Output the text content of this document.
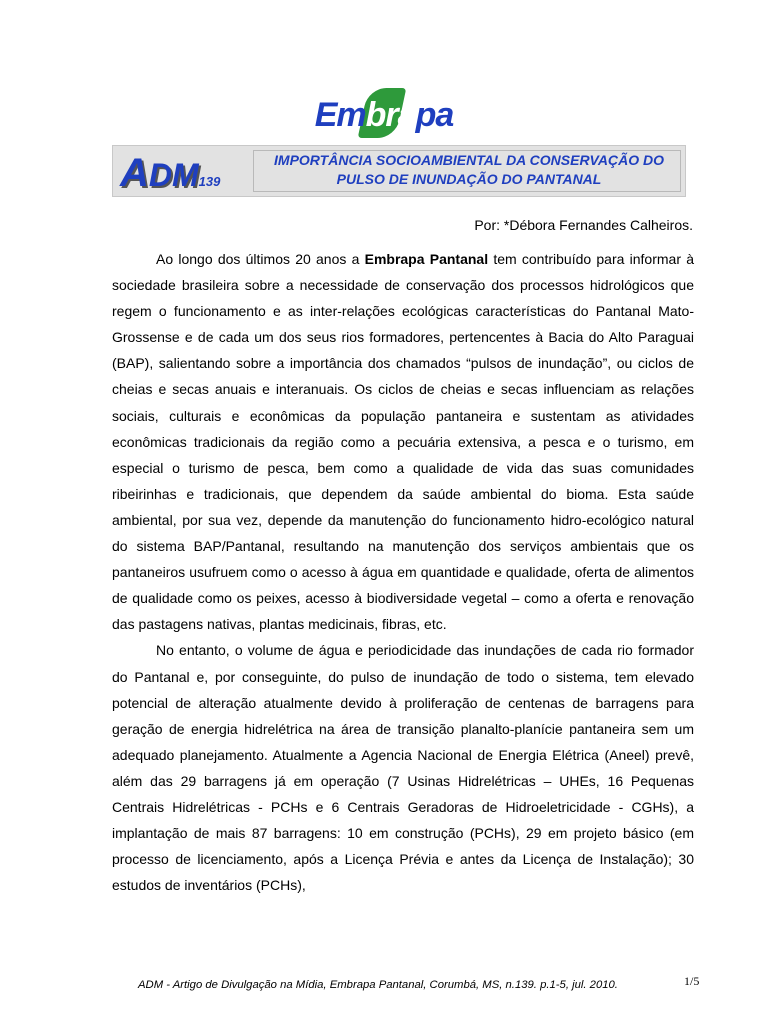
Embrapa
ADM139
IMPORTÂNCIA SOCIOAMBIENTAL DA CONSERVAÇÃO DO
PULSO DE INUNDAÇÃO DO PANTANAL
Por: *Débora Fernandes Calheiros.

Ao longo dos últimos 20 anos a Embrapa Pantanal tem contribuído para informar à sociedade brasileira sobre a necessidade de conservação dos processos hidrológicos que regem o funcionamento e as inter-relações ecológicas características do Pantanal Mato-Grossense e de cada um dos seus rios formadores, pertencentes à Bacia do Alto Paraguai (BAP), salientando sobre a importância dos chamados “pulsos de inundação”, ou ciclos de cheias e secas anuais e interanuais. Os ciclos de cheias e secas influenciam as relações sociais, culturais e econômicas da população pantaneira e sustentam as atividades econômicas tradicionais da região como a pecuária extensiva, a pesca e o turismo, em especial o turismo de pesca, bem como a qualidade de vida das suas comunidades ribeirinhas e tradicionais, que dependem da saúde ambiental do bioma. Esta saúde ambiental, por sua vez, depende da manutenção do funcionamento hidro-ecológico natural do sistema BAP/Pantanal, resultando na manutenção dos serviços ambientais que os pantaneiros usufruem como o acesso à água em quantidade e qualidade, oferta de alimentos de qualidade como os peixes, acesso à biodiversidade vegetal – como a oferta e renovação das pastagens nativas, plantas medicinais, fibras, etc.

No entanto, o volume de água e periodicidade das inundações de cada rio formador do Pantanal e, por conseguinte, do pulso de inundação de todo o sistema, tem elevado potencial de alteração atualmente devido à proliferação de centenas de barragens para geração de energia hidrelétrica na área de transição planalto-planície pantaneira sem um adequado planejamento. Atualmente a Agencia Nacional de Energia Elétrica (Aneel) prevê, além das 29 barragens já em operação (7 Usinas Hidrelétricas – UHEs, 16 Pequenas Centrais Hidrelétricas - PCHs e 6 Centrais Geradoras de Hidroeletricidade - CGHs), a implantação de mais 87 barragens: 10 em construção (PCHs), 29 em projeto básico (em processo de licenciamento, após a Licença Prévia e antes da Licença de Instalação); 30 estudos de inventários (PCHs),

ADM - Artigo de Divulgação na Mídia, Embrapa Pantanal, Corumbá, MS, n.139. p.1-5, jul. 2010.	1/5
